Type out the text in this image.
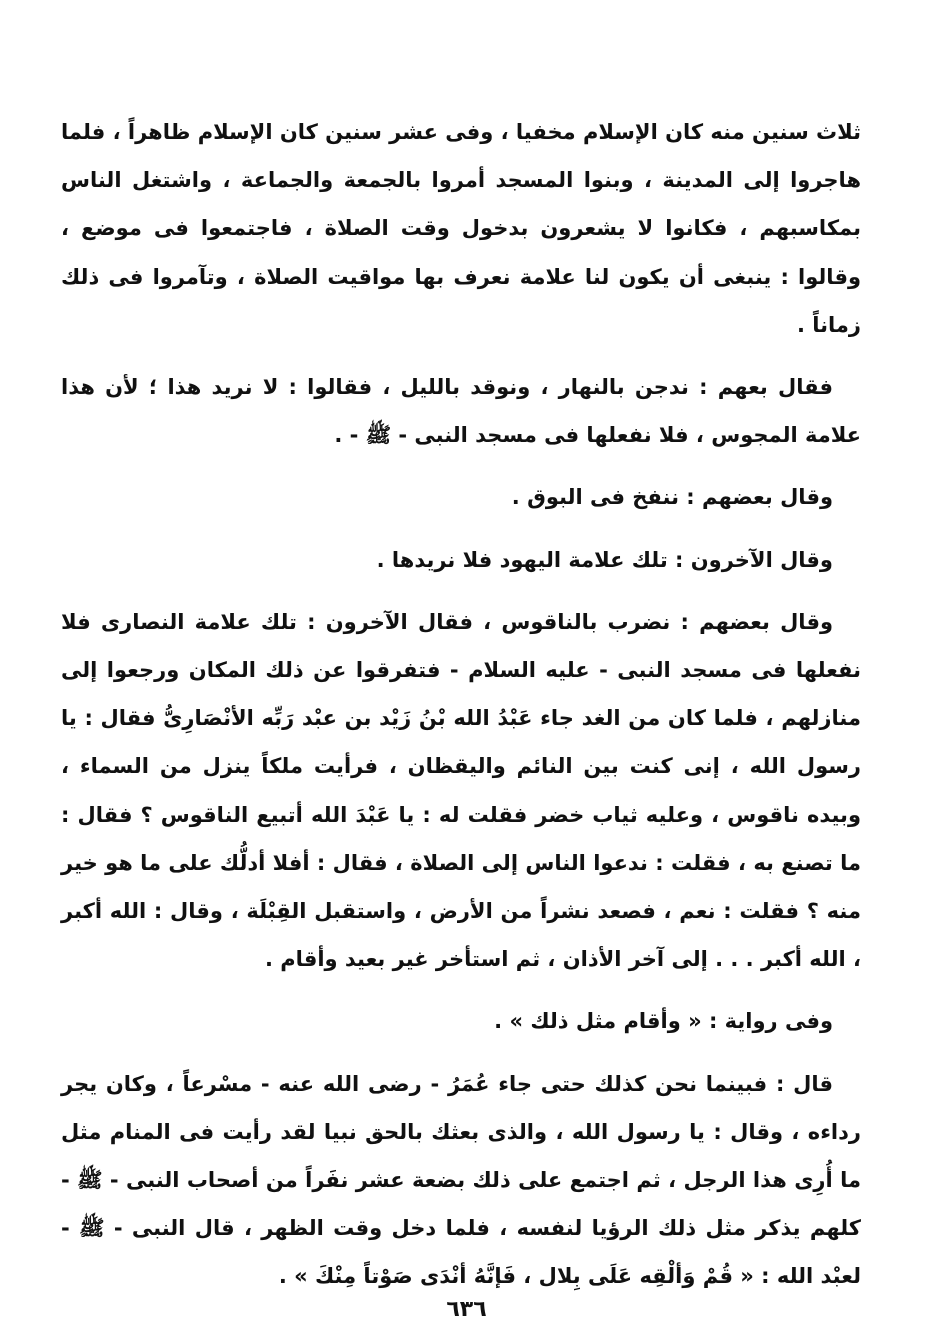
ثلاث سنين منه كان الإسلام مخفيا ، وفى عشر سنين كان الإسلام ظاهراً ، فلما هاجروا إلى المدينة ، وبنوا المسجد أمروا بالجمعة والجماعة ، واشتغل الناس بمكاسبهم ، فكانوا لا يشعرون بدخول وقت الصلاة ، فاجتمعوا فى موضع ، وقالوا : ينبغى أن يكون لنا علامة نعرف بها مواقيت الصلاة ، وتآمروا فى ذلك زماناً .

فقال بعهم : ندجن بالنهار ، ونوقد بالليل ، فقالوا : لا نريد هذا ؛ لأن هذا علامة المجوس ، فلا نفعلها فى مسجد النبى - ﷺ - .

وقال بعضهم : ننفخ فى البوق .

وقال الآخرون : تلك علامة اليهود فلا نريدها .

وقال بعضهم : نضرب بالناقوس ، فقال الآخرون : تلك علامة النصارى فلا نفعلها فى مسجد النبى - عليه السلام - فتفرقوا عن ذلك المكان ورجعوا إلى منازلهم ، فلما كان من الغد جاء عَبْدُ الله بْنُ زَيْد بن عبْد رَبِّه الأنْصَارِىُّ فقال : يا رسول الله ، إنى كنت بين النائم واليقظان ، فرأيت ملكاً ينزل من السماء ، وبيده ناقوس ، وعليه ثياب خضر فقلت له : يا عَبْدَ الله أتبيع الناقوس ؟ فقال : ما تصنع به ، فقلت : ندعوا الناس إلى الصلاة ، فقال : أفلا أدلُّك على ما هو خير منه ؟ فقلت : نعم ، فصعد نشراً من الأرض ، واستقبل القِبْلَة ، وقال : الله أكبر ، الله أكبر . . . إلى آخر الأذان ، ثم استأخر غير بعيد وأقام .

وفى رواية : « وأقام مثل ذلك » .

قال : فبينما نحن كذلك حتى جاء عُمَرُ - رضى الله عنه - مسْرعاً ، وكان يجر رداءه ، وقال : يا رسول الله ، والذى بعثك بالحق نبيا لقد رأيت فى المنام مثل ما أُرِى هذا الرجل ، ثم اجتمع على ذلك بضعة عشر نفَراً من أصحاب النبى - ﷺ - كلهم يذكر مثل ذلك الرؤيا لنفسه ، فلما دخل وقت الظهر ، قال النبى - ﷺ - لعبْد الله : « قُمْ وَألْقِه عَلَى بِلال ، فَإنَّهُ أنْدَى صَوْتاً مِنْكَ » .

٦٣٦
